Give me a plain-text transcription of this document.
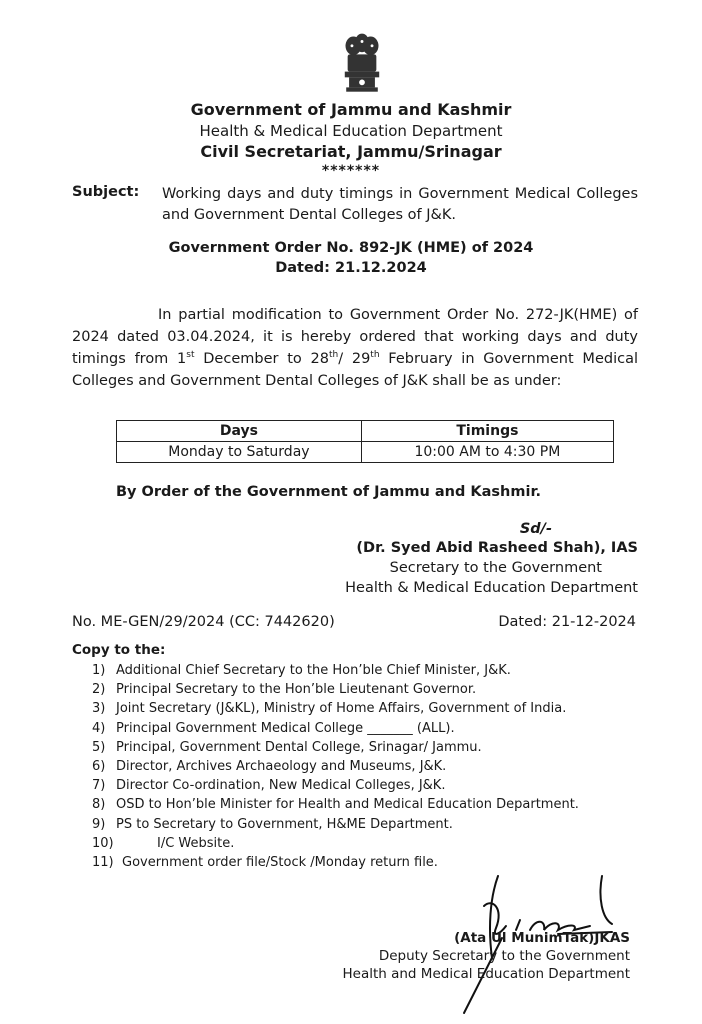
Government of Jammu and Kashmir
Health & Medical Education Department
Civil Secretariat, Jammu/Srinagar
*******
Subject: Working days and duty timings in Government Medical Colleges and Government Dental Colleges of J&K.
Government Order No. 892-JK (HME) of 2024
Dated: 21.12.2024
In partial modification to Government Order No. 272-JK(HME) of 2024 dated 03.04.2024, it is hereby ordered that working days and duty timings from 1st December to 28th/ 29th February in Government Medical Colleges and Government Dental Colleges of J&K shall be as under:
Days	Timings
Monday to Saturday	10:00 AM to 4:30 PM
By Order of the Government of Jammu and Kashmir.
Sd/-
(Dr. Syed Abid Rasheed Shah), IAS
Secretary to the Government
Health & Medical Education Department
No. ME-GEN/29/2024 (CC: 7442620)	Dated: 21-12-2024
Copy to the:
1) Additional Chief Secretary to the Hon’ble Chief Minister, J&K.
2) Principal Secretary to the Hon’ble Lieutenant Governor.
3) Joint Secretary (J&KL), Ministry of Home Affairs, Government of India.
4) Principal Government Medical College _______ (ALL).
5) Principal, Government Dental College, Srinagar/ Jammu.
6) Director, Archives Archaeology and Museums, J&K.
7) Director Co-ordination, New Medical Colleges, J&K.
8) OSD to Hon’ble Minister for Health and Medical Education Department.
9) PS to Secretary to Government, H&ME Department.
10)	I/C Website.
11) Government order file/Stock /Monday return file.
(Ata Ul MunimTak)JKAS
Deputy Secretary to the Government
Health and Medical Education Department
